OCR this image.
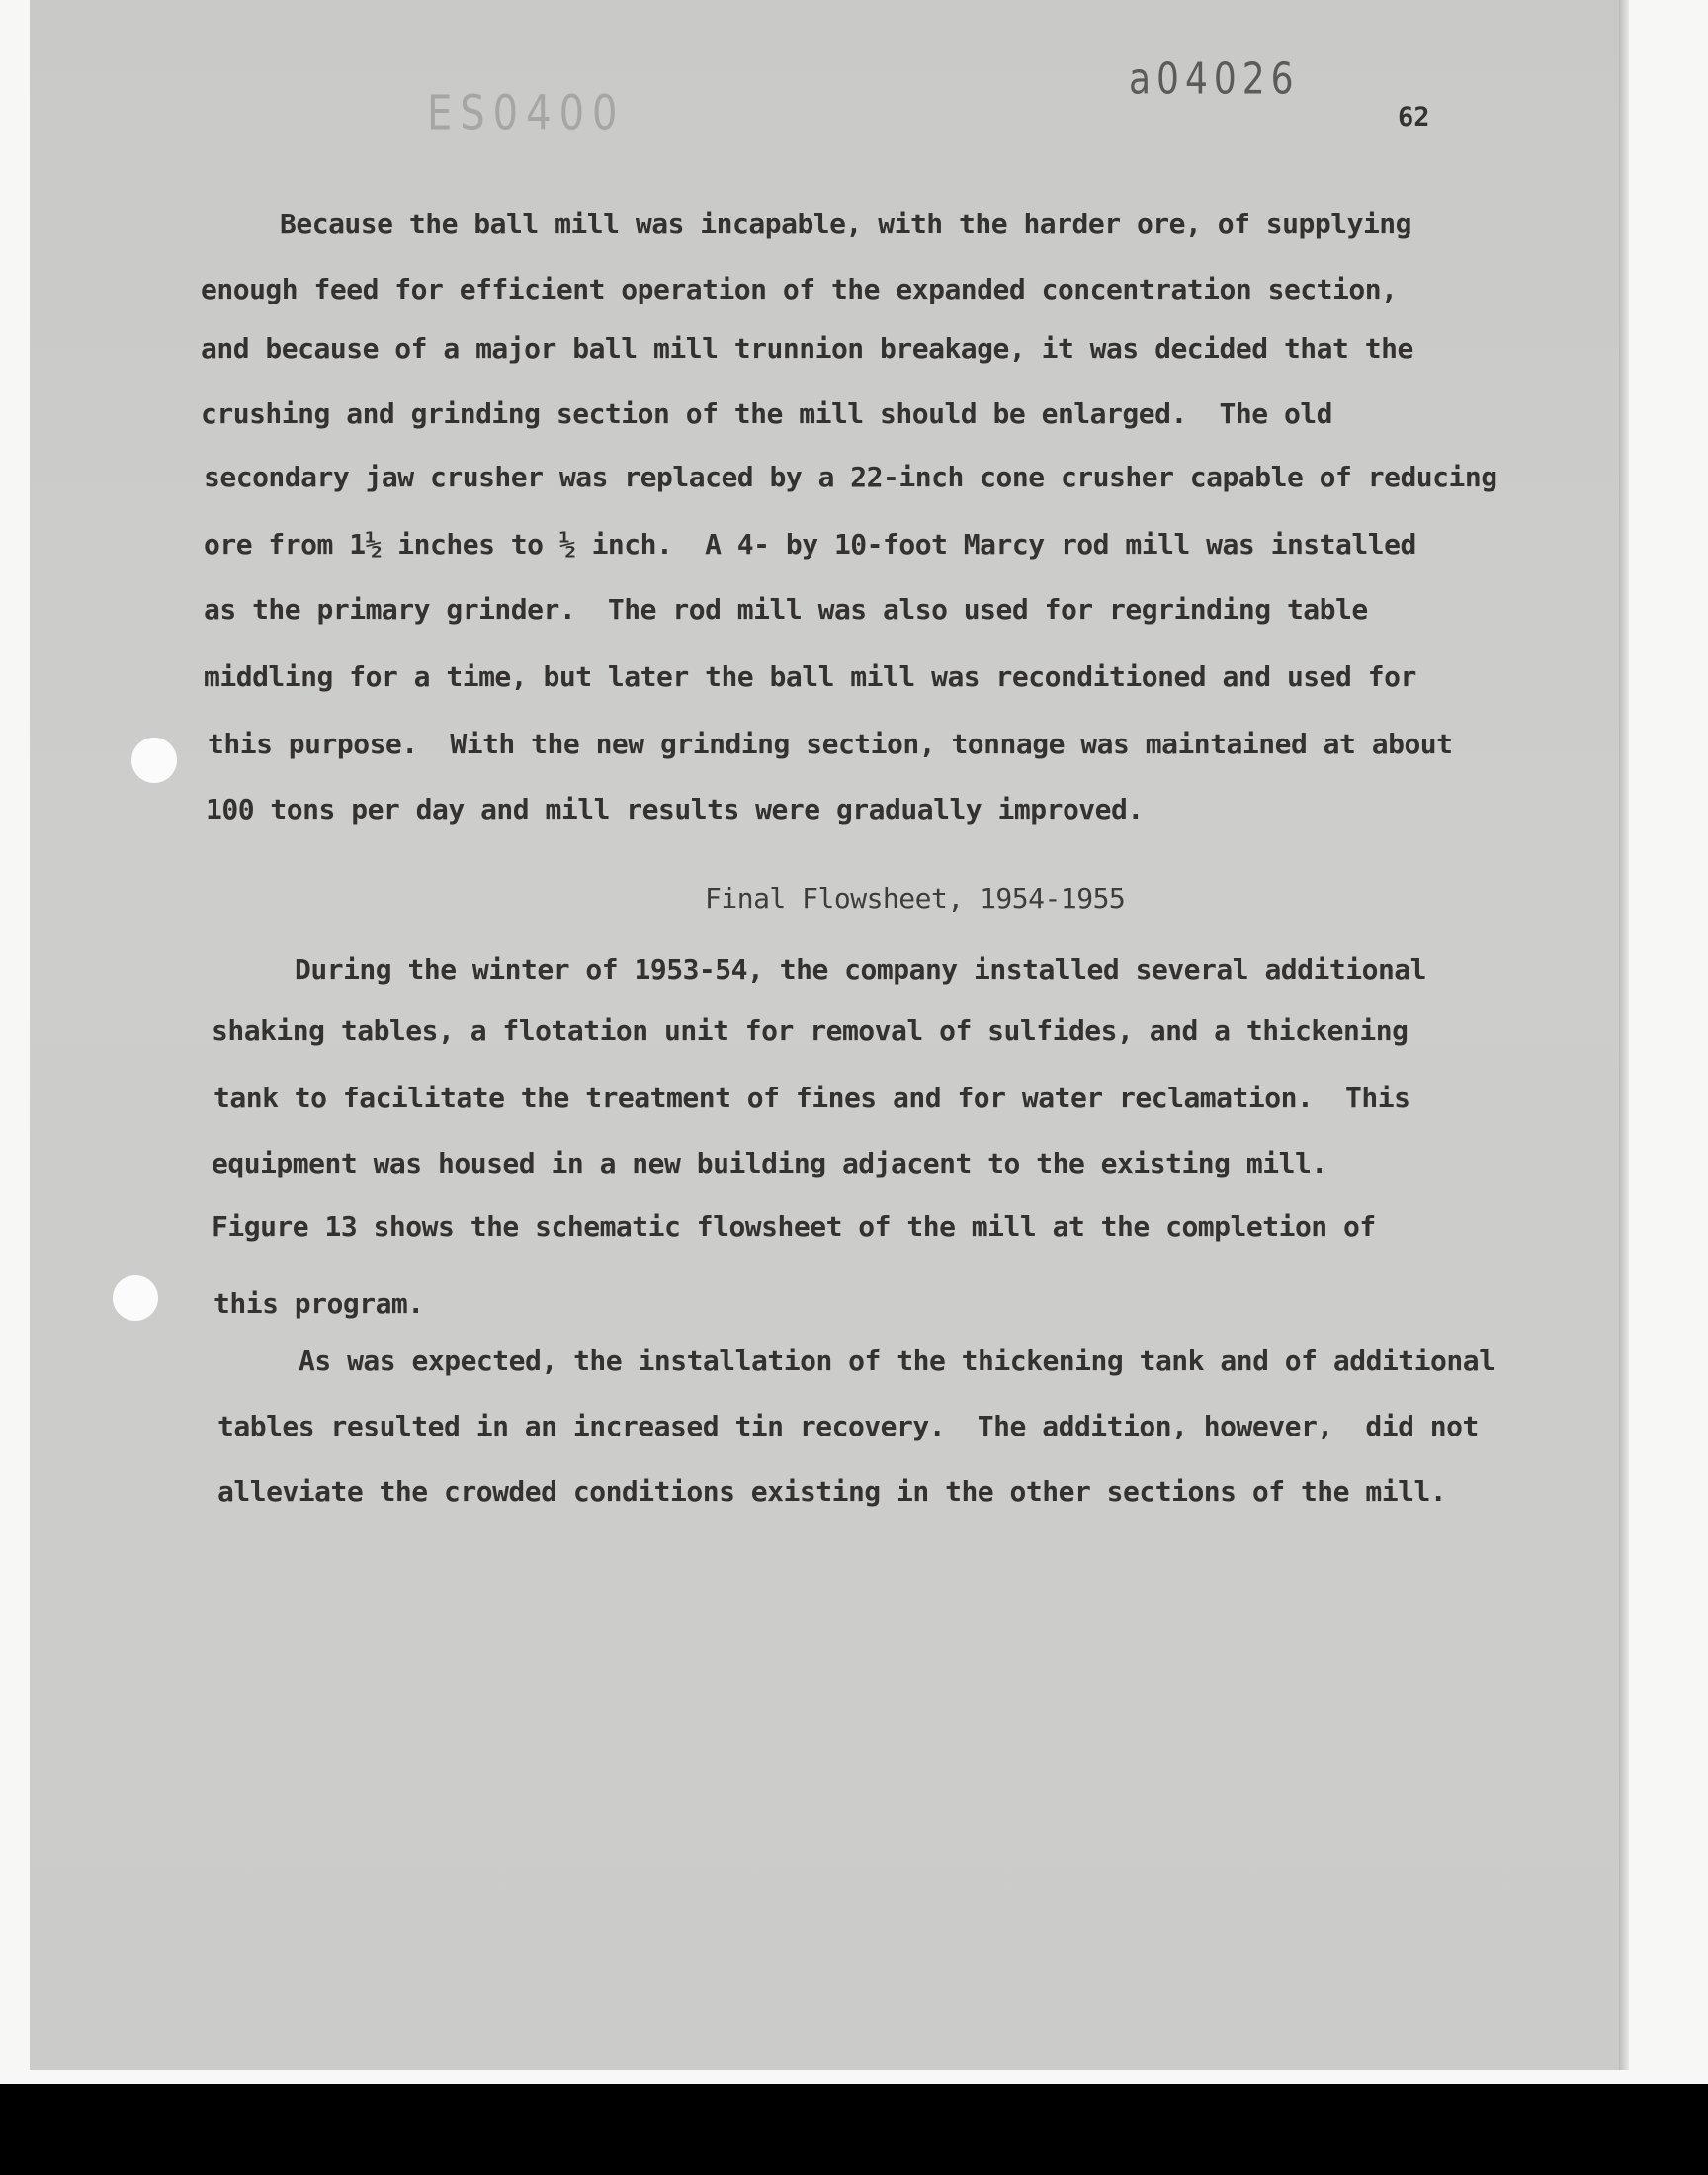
ES0400
a04026
62
Because the ball mill was incapable, with the harder ore, of supplying
enough feed for efficient operation of the expanded concentration section,
and because of a major ball mill trunnion breakage, it was decided that the
crushing and grinding section of the mill should be enlarged.  The old
secondary jaw crusher was replaced by a 22-inch cone crusher capable of reducing
ore from 1½ inches to ½ inch.  A 4- by 10-foot Marcy rod mill was installed
as the primary grinder.  The rod mill was also used for regrinding table
middling for a time, but later the ball mill was reconditioned and used for
this purpose.  With the new grinding section, tonnage was maintained at about
100 tons per day and mill results were gradually improved.
Final Flowsheet, 1954-1955
During the winter of 1953-54, the company installed several additional
shaking tables, a flotation unit for removal of sulfides, and a thickening
tank to facilitate the treatment of fines and for water reclamation.  This
equipment was housed in a new building adjacent to the existing mill.
Figure 13 shows the schematic flowsheet of the mill at the completion of
this program.
As was expected, the installation of the thickening tank and of additional
tables resulted in an increased tin recovery.  The addition, however,  did not
alleviate the crowded conditions existing in the other sections of the mill.
